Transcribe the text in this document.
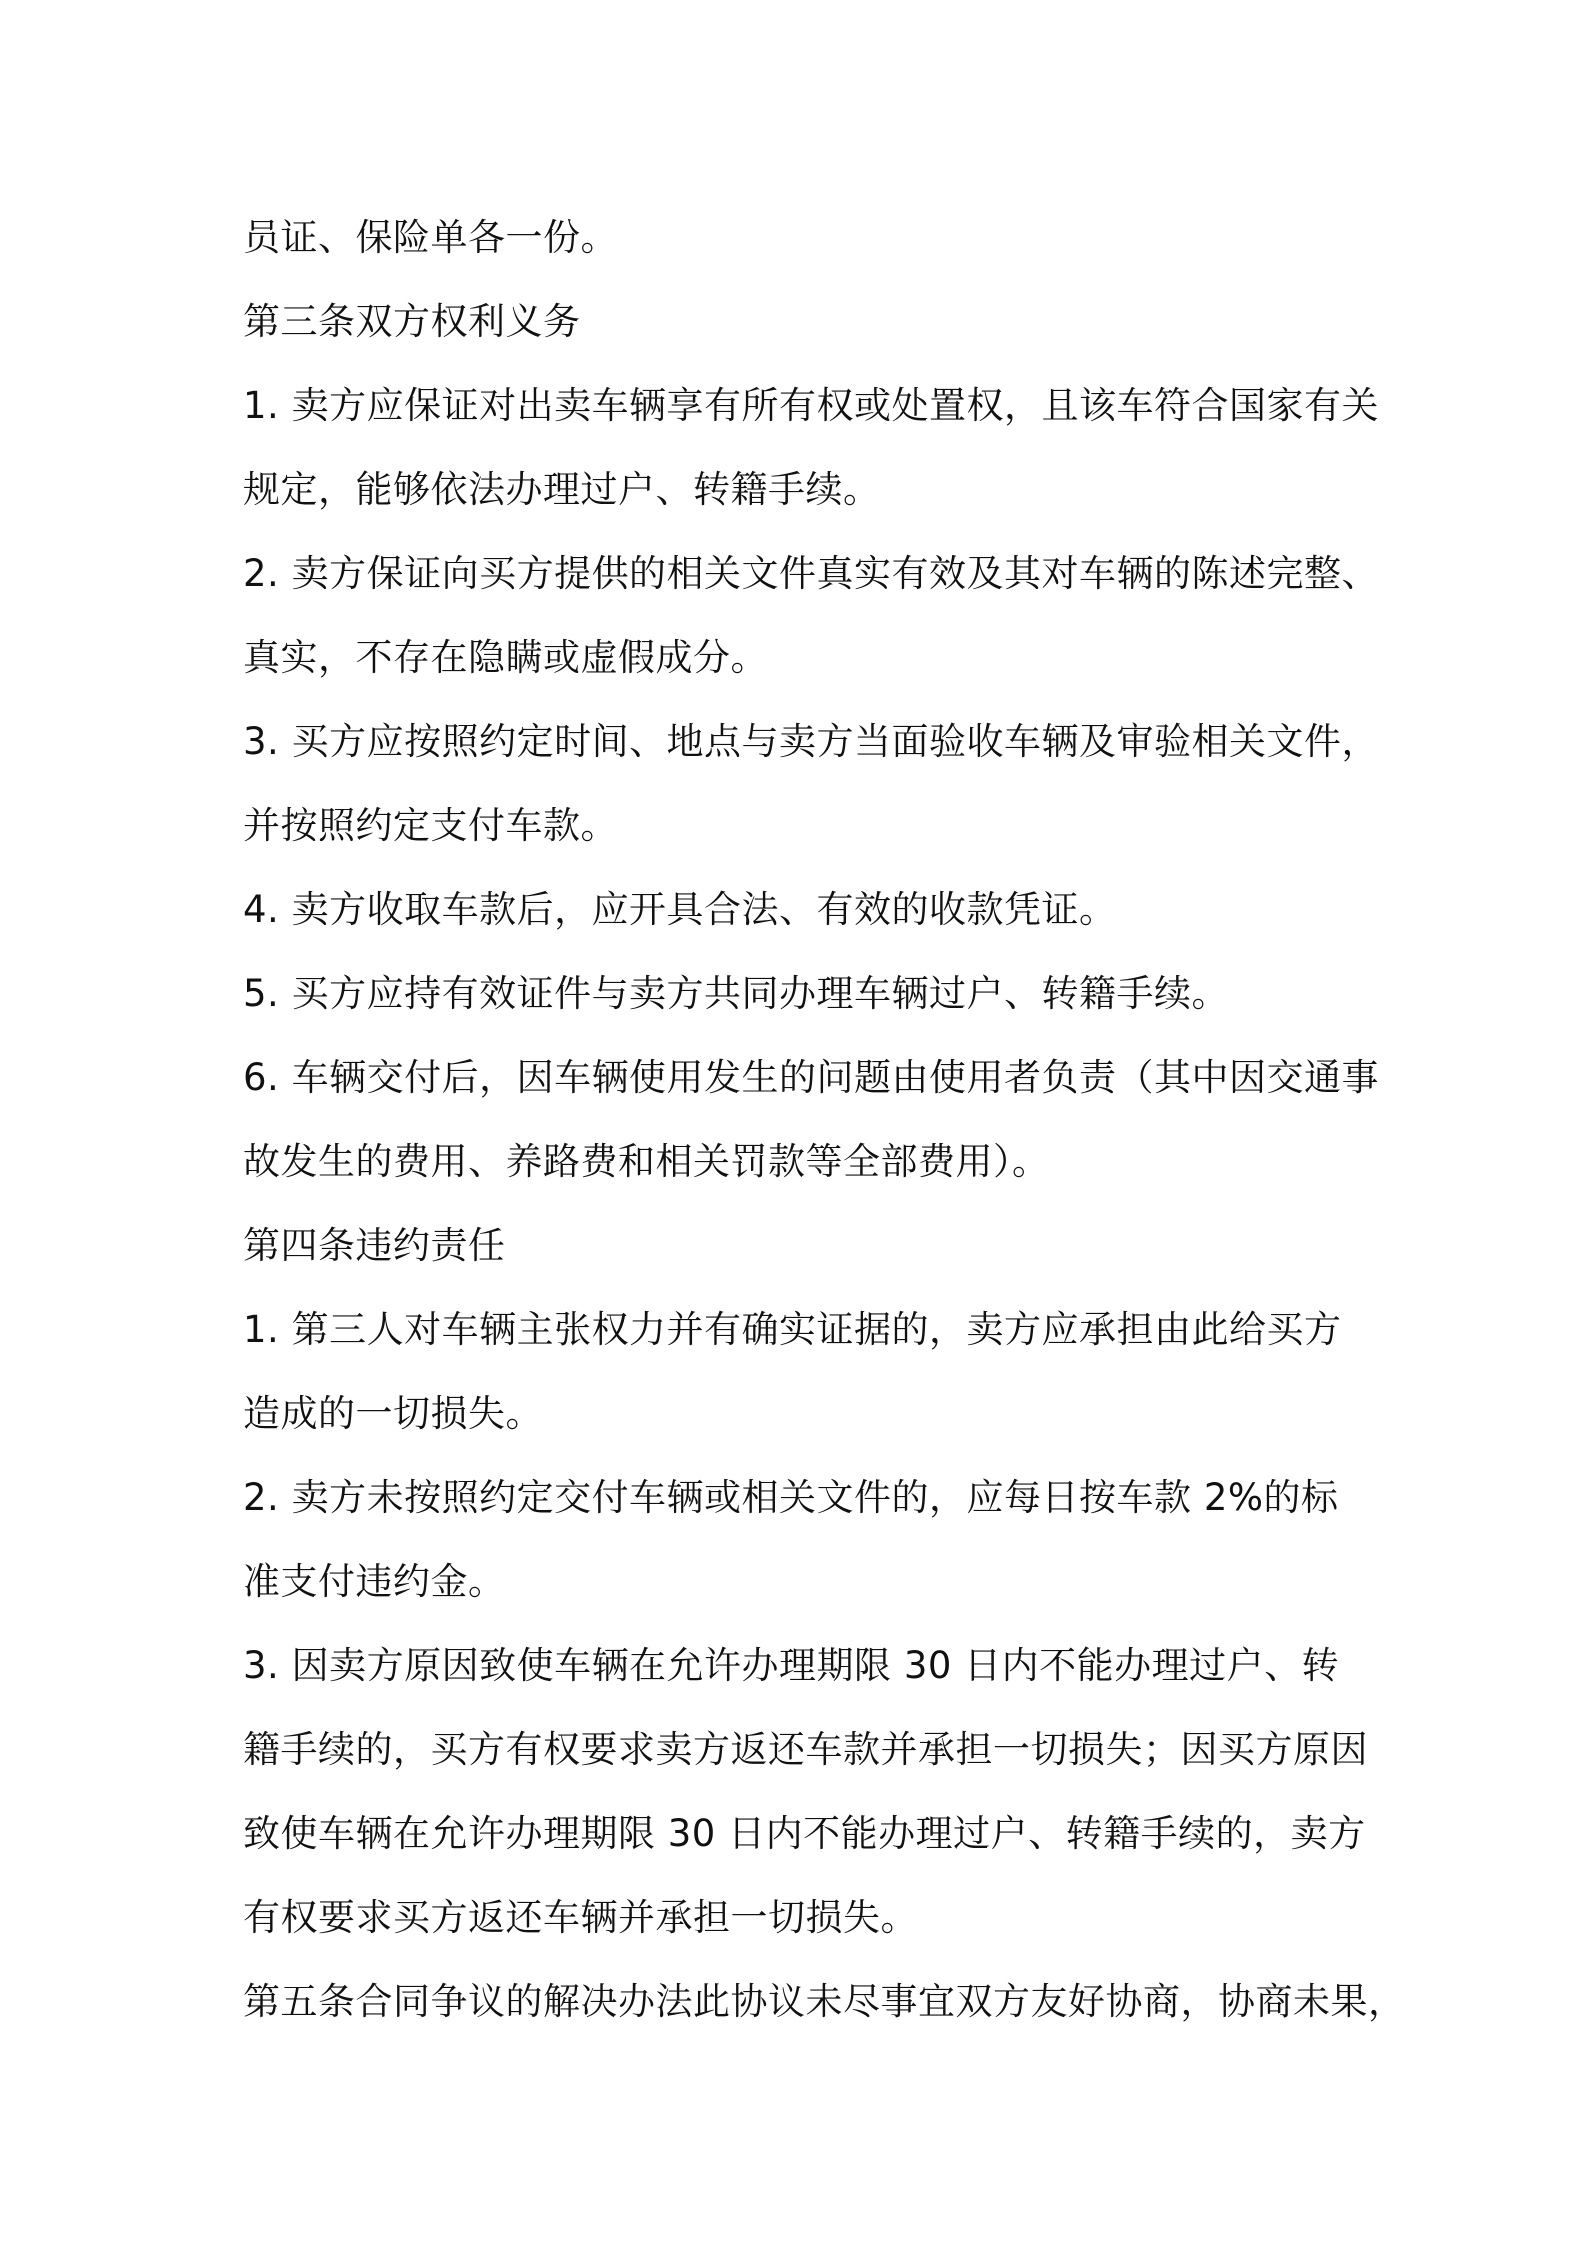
员证、保险单各一份。
第三条双方权利义务
1. 卖方应保证对出卖车辆享有所有权或处置权，且该车符合国家有关
规定，能够依法办理过户、转籍手续。
2. 卖方保证向买方提供的相关文件真实有效及其对车辆的陈述完整、
真实，不存在隐瞒或虚假成分。
3. 买方应按照约定时间、地点与卖方当面验收车辆及审验相关文件，
并按照约定支付车款。
4. 卖方收取车款后，应开具合法、有效的收款凭证。
5. 买方应持有效证件与卖方共同办理车辆过户、转籍手续。
6. 车辆交付后，因车辆使用发生的问题由使用者负责（其中因交通事
故发生的费用、养路费和相关罚款等全部费用）。
第四条违约责任
1. 第三人对车辆主张权力并有确实证据的，卖方应承担由此给买方
造成的一切损失。
2. 卖方未按照约定交付车辆或相关文件的，应每日按车款 2%的标
准支付违约金。
3. 因卖方原因致使车辆在允许办理期限 30 日内不能办理过户、转
籍手续的，买方有权要求卖方返还车款并承担一切损失；因买方原因
致使车辆在允许办理期限 30 日内不能办理过户、转籍手续的，卖方
有权要求买方返还车辆并承担一切损失。
第五条合同争议的解决办法此协议未尽事宜双方友好协商，协商未果，
